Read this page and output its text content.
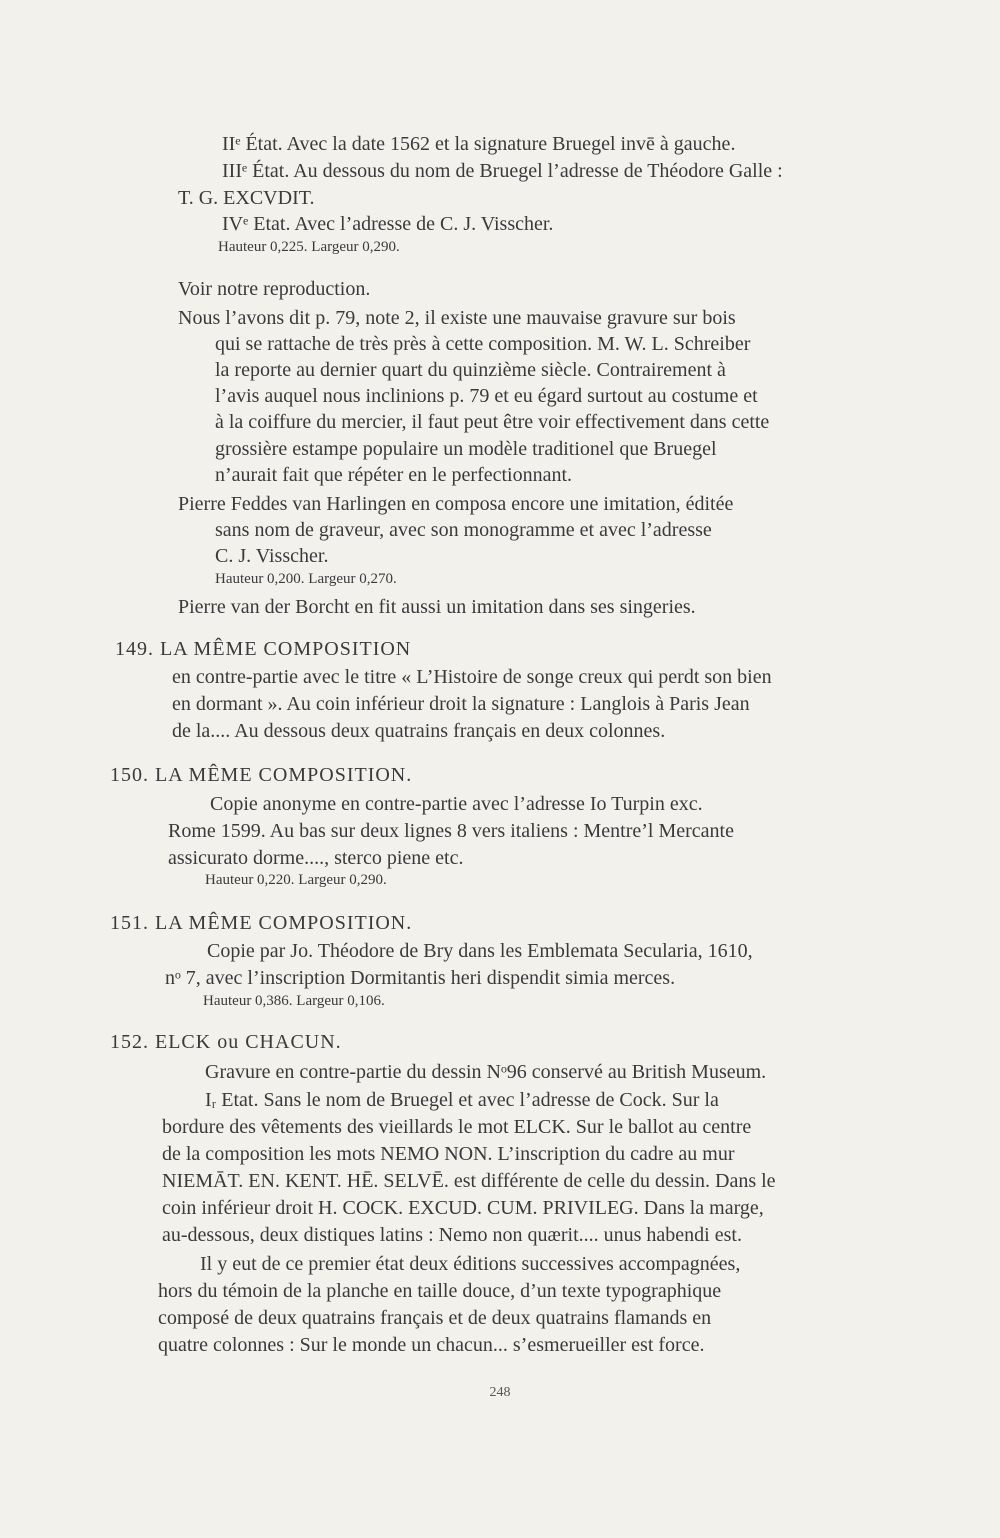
IIᵉ État. Avec la date 1562 et la signature Bruegel invē à gauche.
IIIᵉ État. Au dessous du nom de Bruegel l’adresse de Théodore Galle :
T. G. EXCVDIT.
IVᵉ Etat. Avec l’adresse de C. J. Visscher.
Hauteur 0,225. Largeur 0,290.
Voir notre reproduction.
Nous l’avons dit p. 79, note 2, il existe une mauvaise gravure sur bois
qui se rattache de très près à cette composition. M. W. L. Schreiber
la reporte au dernier quart du quinzième siècle. Contrairement à
l’avis auquel nous inclinions p. 79 et eu égard surtout au costume et
à la coiffure du mercier, il faut peut être voir effectivement dans cette
grossière estampe populaire un modèle traditionel que Bruegel
n’aurait fait que répéter en le perfectionnant.
Pierre Feddes van Harlingen en composa encore une imitation, éditée
sans nom de graveur, avec son monogramme et avec l’adresse
C. J. Visscher.
Hauteur 0,200. Largeur 0,270.
Pierre van der Borcht en fit aussi un imitation dans ses singeries.
149. LA MÊME COMPOSITION
en contre-partie avec le titre « L’Histoire de songe creux qui perdt son bien
en dormant ». Au coin inférieur droit la signature : Langlois à Paris Jean
de la.... Au dessous deux quatrains français en deux colonnes.
150. LA MÊME COMPOSITION.
Copie anonyme en contre-partie avec l’adresse Io Turpin exc.
Rome 1599. Au bas sur deux lignes 8 vers italiens : Mentre’l Mercante
assicurato dorme...., sterco piene etc.
Hauteur 0,220. Largeur 0,290.
151. LA MÊME COMPOSITION.
Copie par Jo. Théodore de Bry dans les Emblemata Secularia, 1610,
nᵒ 7, avec l’inscription Dormitantis heri dispendit simia merces.
Hauteur 0,386. Largeur 0,106.
152. ELCK ou CHACUN.
Gravure en contre-partie du dessin Nᵒ96 conservé au British Museum.
Iᵣ Etat. Sans le nom de Bruegel et avec l’adresse de Cock. Sur la
bordure des vêtements des vieillards le mot ELCK. Sur le ballot au centre
de la composition les mots NEMO NON. L’inscription du cadre au mur
NIEMĀT. EN. KENT. HĒ. SELVĒ. est différente de celle du dessin. Dans le
coin inférieur droit H. COCK. EXCUD. CUM. PRIVILEG. Dans la marge,
au-dessous, deux distiques latins : Nemo non quærit.... unus habendi est.
Il y eut de ce premier état deux éditions successives accompagnées,
hors du témoin de la planche en taille douce, d’un texte typographique
composé de deux quatrains français et de deux quatrains flamands en
quatre colonnes : Sur le monde un chacun... s’esmerueiller est force.
248
